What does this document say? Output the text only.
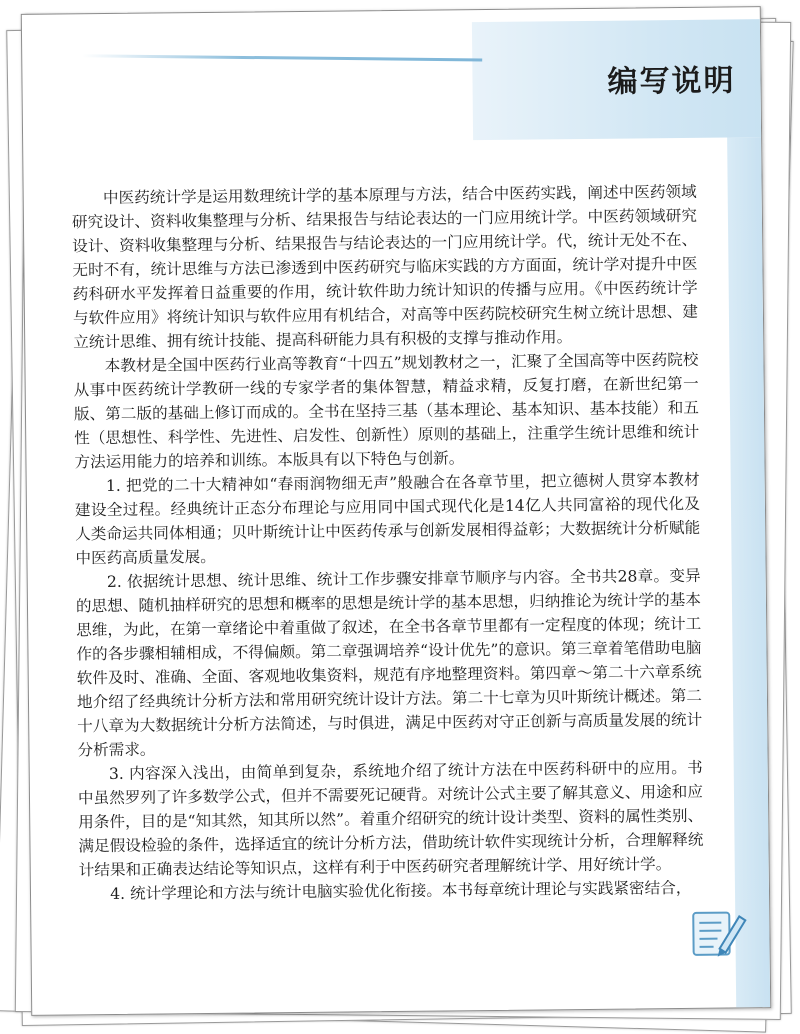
编写说明

中医药统计学是运用数理统计学的基本原理与方法，结合中医药实践，阐述中医药领域研究设计、资料收集整理与分析、结果报告与结论表达的一门应用统计学。中医药领域研究设计、资料收集整理与分析、结果报告与结论表达的一门应用统计学。代，统计无处不在、无时不有，统计思维与方法已渗透到中医药研究与临床实践的方方面面，统计学对提升中医药科研水平发挥着日益重要的作用，统计软件助力统计知识的传播与应用。《中医药统计学与软件应用》将统计知识与软件应用有机结合，对高等中医药院校研究生树立统计思想、建立统计思维、拥有统计技能、提高科研能力具有积极的支撑与推动作用。

本教材是全国中医药行业高等教育“十四五”规划教材之一，汇聚了全国高等中医药院校从事中医药统计学教研一线的专家学者的集体智慧，精益求精，反复打磨，在新世纪第一版、第二版的基础上修订而成的。全书在坚持三基（基本理论、基本知识、基本技能）和五性（思想性、科学性、先进性、启发性、创新性）原则的基础上，注重学生统计思维和统计方法运用能力的培养和训练。本版具有以下特色与创新。

1. 把党的二十大精神如“春雨润物细无声”般融合在各章节里，把立德树人贯穿本教材建设全过程。经典统计正态分布理论与应用同中国式现代化是14亿人共同富裕的现代化及人类命运共同体相通；贝叶斯统计让中医药传承与创新发展相得益彰；大数据统计分析赋能中医药高质量发展。

2. 依据统计思想、统计思维、统计工作步骤安排章节顺序与内容。全书共28章。变异的思想、随机抽样研究的思想和概率的思想是统计学的基本思想，归纳推论为统计学的基本思维，为此，在第一章绪论中着重做了叙述，在全书各章节里都有一定程度的体现；统计工作的各步骤相辅相成，不得偏颇。第二章强调培养“设计优先”的意识。第三章着笔借助电脑软件及时、准确、全面、客观地收集资料，规范有序地整理资料。第四章～第二十六章系统地介绍了经典统计分析方法和常用研究统计设计方法。第二十七章为贝叶斯统计概述。第二十八章为大数据统计分析方法简述，与时俱进，满足中医药对守正创新与高质量发展的统计分析需求。

3. 内容深入浅出，由简单到复杂，系统地介绍了统计方法在中医药科研中的应用。书中虽然罗列了许多数学公式，但并不需要死记硬背。对统计公式主要了解其意义、用途和应用条件，目的是“知其然，知其所以然”。着重介绍研究的统计设计类型、资料的属性类别、满足假设检验的条件，选择适宜的统计分析方法，借助统计软件实现统计分析，合理解释统计结果和正确表达结论等知识点，这样有利于中医药研究者理解统计学、用好统计学。

4. 统计学理论和方法与统计电脑实验优化衔接。本书每章统计理论与实践紧密结合，
